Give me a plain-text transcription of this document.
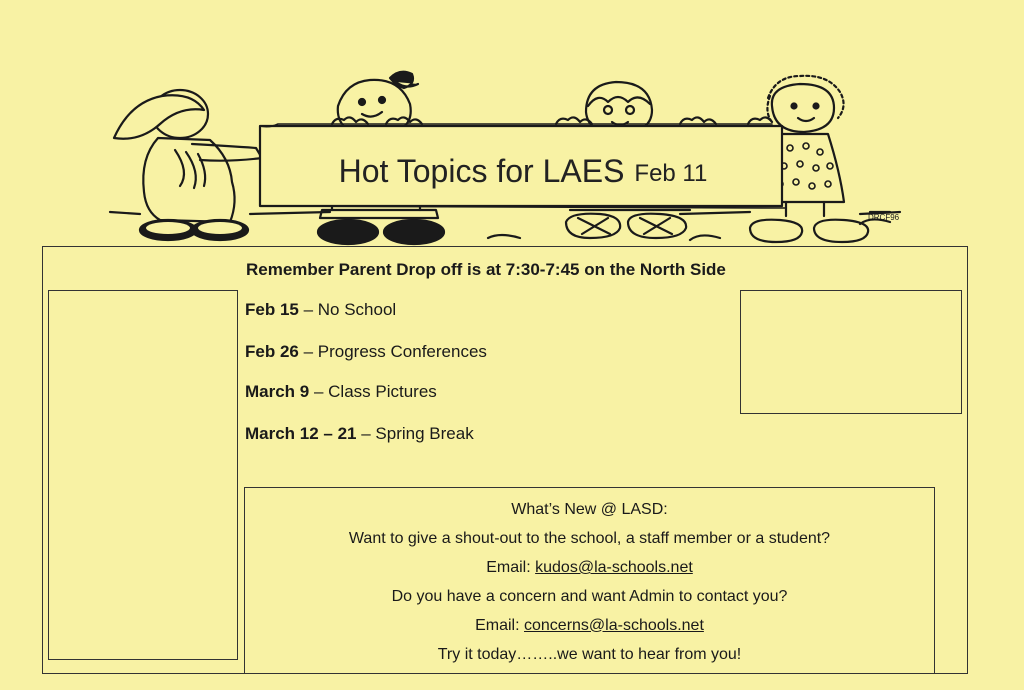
DRCF96
Hot Topics for LAES Feb 11
Remember Parent Drop off is at 7:30-7:45 on the North Side
Feb 15 – No School
Feb 26 – Progress Conferences
March 9 – Class Pictures
March 12 – 21 – Spring Break
What’s New @ LASD:
Want to give a shout-out to the school, a staff member or a student?
Email: kudos@la-schools.net
Do you have a concern and want Admin to contact you?
Email: concerns@la-schools.net
Try it today……..we want to hear from you!
